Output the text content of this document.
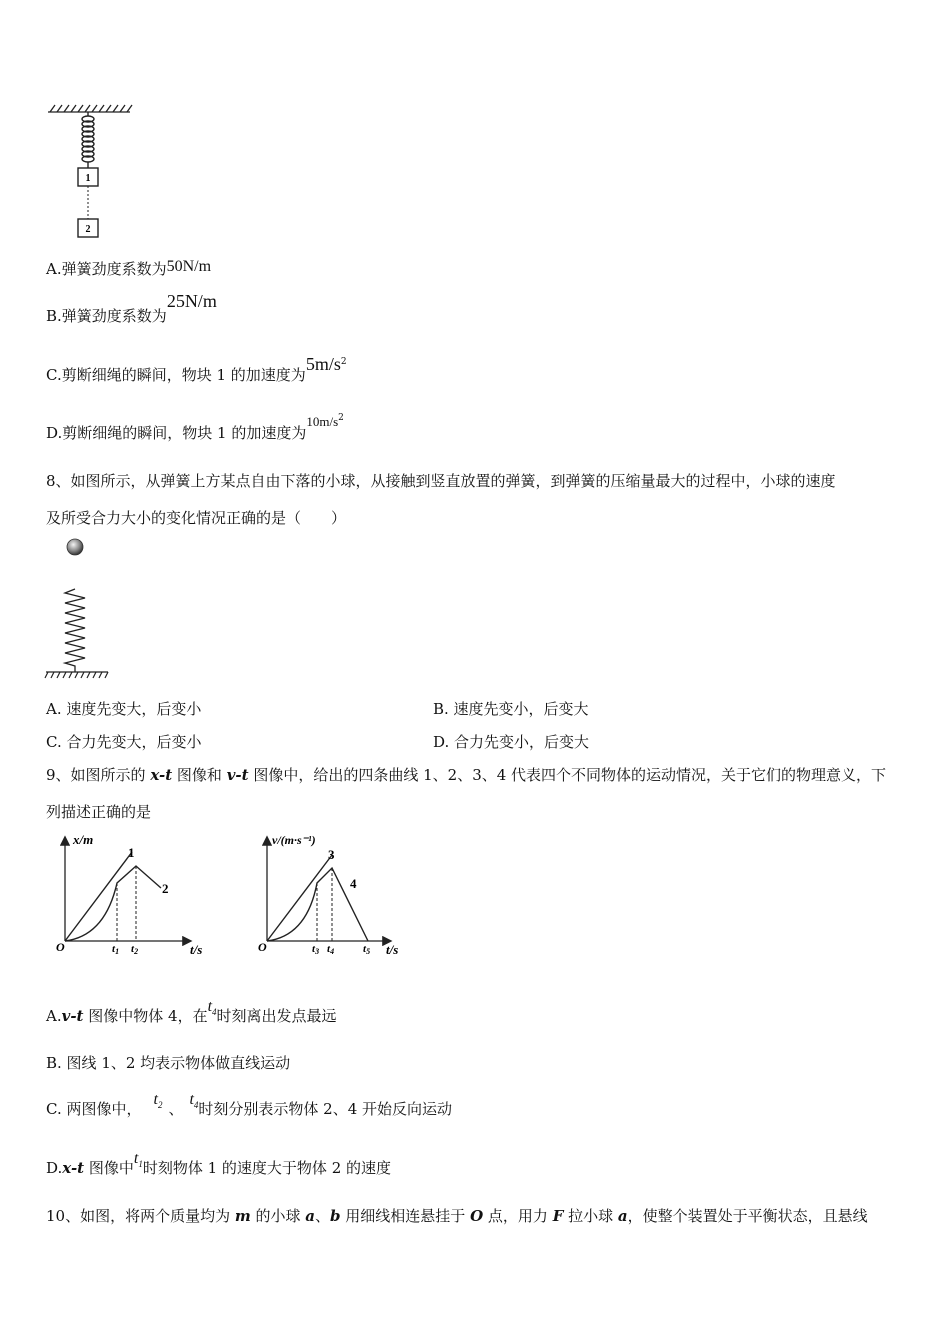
1
2
A.弹簧劲度系数为50N/m
B.弹簧劲度系数为25N/m
C.剪断细绳的瞬间，物块 1 的加速度为$5m/s^2$
D.剪断细绳的瞬间，物块 1 的加速度为$10m/s^2$
8、如图所示，从弹簧上方某点自由下落的小球，从接触到竖直放置的弹簧，到弹簧的压缩量最大的过程中，小球的速度
及所受合力大小的变化情况正确的是（　　）
A. 速度先变大，后变小	B. 速度先变小，后变大
C. 合力先变大，后变小	D. 合力先变小，后变大
9、如图所示的 x-t 图像和 v-t 图像中，给出的四条曲线 1、2、3、4 代表四个不同物体的运动情况，关于它们的物理意义，下
列描述正确的是
x/m
t/s
O
1
2
t1 t2
v/(m·s⁻¹)
t/s
O
3
4
t3 t4	t5
A.v-t 图像中物体 4，在$t_4$时刻离出发点最远
B. 图线 1、2 均表示物体做直线运动
C. 两图像中，$t_2$ 、$t_4$时刻分别表示物体 2、4 开始反向运动
D.x-t 图像中$t_1$时刻物体 1 的速度大于物体 2 的速度
10、如图，将两个质量均为 m 的小球 a、b 用细线相连悬挂于 O 点，用力 F 拉小球 a，使整个装置处于平衡状态，且悬线
